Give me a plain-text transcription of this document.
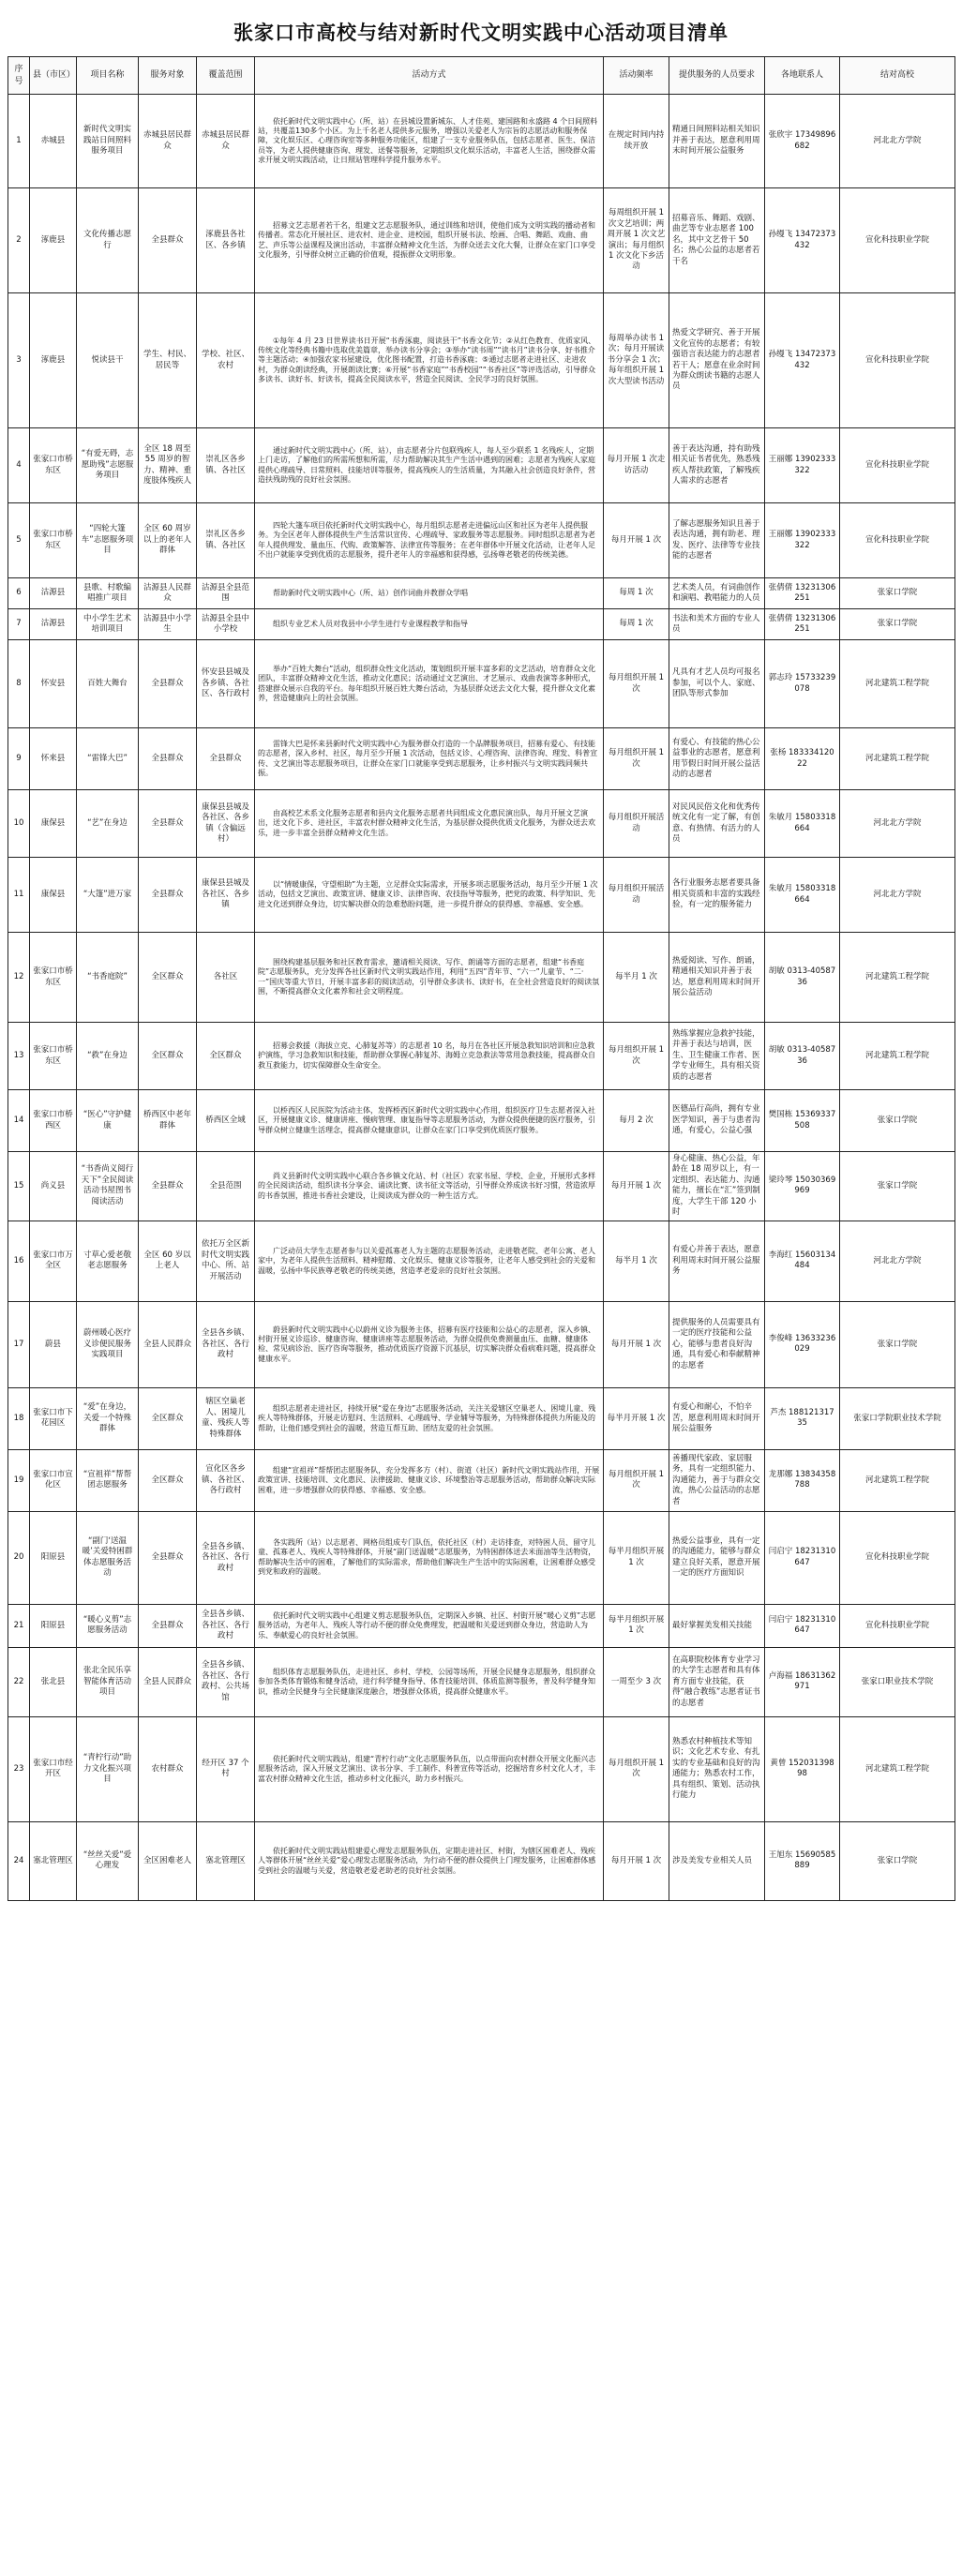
张家口市高校与结对新时代文明实践中心活动项目清单
序号	县（市区）	项目名称	服务对象	覆盖范围	活动方式	活动频率	提供服务的人员要求	各地联系人	结对高校
1	赤城县	新时代文明实践站日间照料服务项目	赤城县居民群众	赤城县居民群众	依托新时代文明实践中心（所、站）在县城设置新城东、人才佳苑、建国路和永盛路 4 个日间照料站，共覆盖130多个小区。为上千名老人提供多元服务，增强以关爱老人为宗旨的志愿活动和服务保障，文化娱乐区、心理咨询室等多种服务功能区，组建了一支专业服务队伍，包括志愿者、医生、保洁员等，为老人提供健康咨询、理发、送餐等服务，定期组织文化娱乐活动，丰富老人生活，围绕群众需求开展文明实践活动，让日照站管理科学提升服务水平。	在规定时间内持续开放	精通日间照料站相关知识并善于表达，愿意利用周末时间开展公益服务	张欣宇 17349896682	河北北方学院
2	涿鹿县	文化传播志愿行	全县群众	涿鹿县各社区、各乡镇	招募文艺志愿者若干名，组建文艺志愿服务队，通过训练和培训，使他们成为文明实践的播动者和传播者。常态化开展社区、进农村、进企业、进校园，组织开展书法、绘画、合唱、舞蹈、戏曲、曲艺、声乐等公益课程及演出活动，丰富群众精神文化生活，为群众送去文化大餐，让群众在家门口享受文化服务，引导群众树立正确的价值观，提振群众文明形象。	每周组织开展 1 次文艺培训；两周开展 1 次文艺演出；每月组织 1 次文化下乡活动	招募音乐、舞蹈、戏剧、曲艺等专业志愿者 100 名，其中文艺骨干 50 名；热心公益的志愿者若干名	孙缦飞 13472373432	宣化科技职业学院
3	涿鹿县	悦读县干	学生、村民、居民等	学校、社区、农村	①每年 4 月 23 日世界读书日开展“书香涿鹿，阅读县干”书香文化节；②从红色教育、优质家风、传统文化等经典书籍中选取优美篇章，举办读书分享会；③举办“读书周”“读书月”读书分享、好书推介等主题活动；④加强农家书屋建设，优化图书配置，打造书香涿鹿；⑤通过志愿者走进社区、走进农村，为群众朗读经典，开展朗读比赛；⑥开展“书香家庭”“书香校园”“书香社区”等评选活动，引导群众多读书、读好书、好读书，提高全民阅读水平，营造全民阅读、全民学习的良好氛围。	每周举办读书 1 次；每月开展读书分享会 1 次；每年组织开展 1 次大型读书活动	热爱文学研究、善于开展文化宣传的志愿者；有较强语言表达能力的志愿者若干人；愿意在业余时间为群众朗读书籍的志愿人员	孙缦飞 13472373432	宣化科技职业学院
4	张家口市桥东区	“有爱无碍，志愿助残”志愿服务项目	全区 18 周至 55 周岁的智力、精神、重度肢体残疾人	崇礼区各乡镇、各社区	通过新时代文明实践中心（所、站），由志愿者分片包联残疾人，每人至少联系 1 名残疾人，定期上门走访，了解他们的所需所想和所需，尽力帮助解决其生产生活中遇到的困难；志愿者为残疾人家庭提供心理疏导、日常照料、技能培训等服务，提高残疾人的生活质量，为其融入社会创造良好条件，营造扶残助残的良好社会氛围。	每月开展 1 次走访活动	善于表达沟通，持有助残相关证书者优先，熟悉残疾人帮扶政策，了解残疾人需求的志愿者	王丽娜 13902333322	宣化科技职业学院
5	张家口市桥东区	“四轮大篷车”志愿服务项目	全区 60 周岁以上的老年人群体	崇礼区各乡镇、各社区	四轮大篷车项目依托新时代文明实践中心，每月组织志愿者走进偏远山区和社区为老年人提供服务。为全区老年人群体提供生产生活常识宣传、心理疏导、家政服务等志愿服务。同时组织志愿者为老年人提供理发、量血压、代购、政策解答、法律宣传等服务；在老年群体中开展文化活动，让老年人足不出户就能享受到优质的志愿服务，提升老年人的幸福感和获得感，弘扬尊老敬老的传统美德。	每月开展 1 次	了解志愿服务知识且善于表达沟通，拥有助老、理发、医疗、法律等专业技能的志愿者	王丽娜 13902333322	宣化科技职业学院
6	沽源县	县歌、村歌编唱推广项目	沽源县人民群众	沽源县全县范围	帮助新时代文明实践中心（所、站）创作词曲并教群众学唱	每周 1 次	艺术类人员，有词曲创作和演唱、教唱能力的人员	张倩倩 13231306251	张家口学院
7	沽源县	中小学生艺术培训项目	沽源县中小学生	沽源县全县中小学校	组织专业艺术人员对我县中小学生进行专业课程教学和指导	每周 1 次	书法和美术方面的专业人员	张倩倩 13231306251	张家口学院
8	怀安县	百姓大舞台	全县群众	怀安县县城及各乡镇、各社区、各行政村	举办“百姓大舞台”活动，组织群众性文化活动，策划组织开展丰富多彩的文艺活动，培育群众文化团队，丰富群众精神文化生活，推动文化惠民；活动通过文艺演出、才艺展示、戏曲表演等多种形式，搭建群众展示自我的平台。每年组织开展百姓大舞台活动，为基层群众送去文化大餐，提升群众文化素养，营造健康向上的社会氛围。	每月组织开展 1 次	凡具有才艺人员均可报名参加，可以个人、家庭、团队等形式参加	郭志玲 15733239078	河北建筑工程学院
9	怀来县	“雷锋大巴”	全县群众	全县群众	雷锋大巴是怀来县新时代文明实践中心为服务群众打造的一个品牌服务项目，招募有爱心、有技能的志愿者，深入乡村、社区，每月至少开展 1 次活动，包括义诊、心理咨询、法律咨询、理发、科普宣传、文艺演出等志愿服务项目，让群众在家门口就能享受到志愿服务，让乡村振兴与文明实践同频共振。	每月组织开展 1 次	有爱心、有技能的热心公益事业的志愿者，愿意利用节假日时间开展公益活动的志愿者	张杨 18333412022	河北建筑工程学院
10	康保县	“艺”在身边	全县群众	康保县县城及各社区、各乡镇（含偏远村）	由高校艺术系文化服务志愿者和县内文化服务志愿者共同组成文化惠民演出队，每月开展文艺演出，送文化下乡、进社区，丰富农村群众精神文化生活，为基层群众提供优质文化服务，为群众送去欢乐，进一步丰富全县群众精神文化生活。	每月组织开展活动	对民风民俗文化和优秀传统文化有一定了解，有创意、有热情、有活力的人员	朱敏月 15803318664	河北北方学院
11	康保县	“大篷”进万家	全县群众	康保县县城及各社区、各乡镇	以“情暖康保，守望相助”为主题，立足群众实际需求，开展多项志愿服务活动，每月至少开展 1 次活动，包括文艺演出、政策宣讲、健康义诊、法律咨询、农技指导等服务，把党的政策、科学知识、先进文化送到群众身边，切实解决群众的急难愁盼问题，进一步提升群众的获得感、幸福感、安全感。	每月组织开展活动	各行业服务志愿者要具备相关资质和丰富的实践经验，有一定的服务能力	朱敏月 15803318664	河北北方学院
12	张家口市桥东区	“书香庭院”	全区群众	各社区	围绕构建基层服务和社区教育需求，邀请相关阅读、写作、朗诵等方面的志愿者，组建“书香庭院”志愿服务队，充分发挥各社区新时代文明实践站作用，利用“五四”青年节、“六一”儿童节、“二·一”国庆等重大节日，开展丰富多彩的阅读活动，引导群众多读书、读好书，在全社会营造良好的阅读氛围，不断提高群众文化素养和社会文明程度。	每半月 1 次	热爱阅读、写作、朗诵，精通相关知识并善于表达，愿意利用周末时间开展公益活动	胡敏 0313-4058736	河北建筑工程学院
13	张家口市桥东区	“救”在身边	全区群众	全区群众	招募会救援（海拔立克、心肺复苏等）的志愿者 10 名，每月在各社区开展急救知识培训和应急救护演练，学习急救知识和技能，帮助群众掌握心肺复苏、海姆立克急救法等常用急救技能，提高群众自救互救能力，切实保障群众生命安全。	每月组织开展 1 次	熟练掌握应急救护技能，并善于表达与培训，医生、卫生健康工作者、医学专业师生，具有相关资质的志愿者	胡敏 0313-4058736	河北建筑工程学院
14	张家口市桥西区	“医心”守护健康	桥西区中老年群体	桥西区全域	以桥西区人民医院为活动主体，发挥桥西区新时代文明实践中心作用，组织医疗卫生志愿者深入社区，开展健康义诊、健康讲座、慢病管理、康复指导等志愿服务活动，为群众提供便捷的医疗服务，引导群众树立健康生活理念，提高群众健康意识，让群众在家门口享受到优质医疗服务。	每月 2 次	医德品行高尚，拥有专业医学知识，善于与患者沟通，有爱心，公益心强	樊国栋 15369337508	张家口学院
15	尚义县	“书香尚义阅行天下”全民阅读活动书屋图书阅读活动	全县群众	全县范围	尚义县新时代文明实践中心联合各乡镇文化站、村（社区）农家书屋、学校、企业，开展形式多样的全民阅读活动，组织读书分享会、诵读比赛、读书征文等活动，引导群众养成读书好习惯，营造浓厚的书香氛围，推进书香社会建设，让阅读成为群众的一种生活方式。	每月开展 1 次	身心健康、热心公益，年龄在 18 周岁以上，有一定组织、表达能力、沟通能力，擅长在“汇”签到制度，大学生干部 120 小时	梁玲琴 15030369969	张家口学院
16	张家口市万全区	寸草心爱老敬老志愿服务	全区 60 岁以上老人	依托万全区新时代文明实践中心、所、站开展活动	广泛动员大学生志愿者参与以关爱孤寡老人为主题的志愿服务活动，走进敬老院、老年公寓、老人家中，为老年人提供生活照料、精神慰藉、文化娱乐、健康义诊等服务，让老年人感受到社会的关爱和温暖，弘扬中华民族尊老敬老的传统美德，营造孝老爱亲的良好社会氛围。	每半月 1 次	有爱心并善于表达，愿意利用周末时间开展公益服务	李海红 15603134484	河北北方学院
17	蔚县	蔚州暖心医疗义诊便民服务实践项目	全县人民群众	全县各乡镇、各社区、各行政村	蔚县新时代文明实践中心以蔚州义诊为服务主体，招募有医疗技能和公益心的志愿者，深入乡镇、村街开展义诊巡诊、健康咨询、健康讲座等志愿服务活动，为群众提供免费测量血压、血糖、健康体检、常见病诊治、医疗咨询等服务，推动优质医疗资源下沉基层，切实解决群众看病难问题，提高群众健康水平。	每月开展 1 次	提供服务的人员需要具有一定的医疗技能和公益心，能够与患者良好沟通，具有爱心和奉献精神的志愿者	李俊峰 13633236029	张家口学院
18	张家口市下花园区	“爱”在身边，关爱一个特殊群体	全区群众	辖区空巢老人、困境儿童、残疾人等特殊群体	组织志愿者走进社区，持续开展“爱在身边”志愿服务活动，关注关爱辖区空巢老人、困境儿童、残疾人等特殊群体，开展走访慰问、生活照料、心理疏导、学业辅导等服务，为特殊群体提供力所能及的帮助，让他们感受到社会的温暖，营造互帮互助、团结友爱的社会氛围。	每半月开展 1 次	有爱心和耐心，不怕辛苦，愿意利用周末时间开展公益服务	芦杰 18812131735	张家口学院职业技术学院
19	张家口市宣化区	“宣祖祥”帮帮团志愿服务	全区群众	宣化区各乡镇、各社区、各行政村	组建“宣祖祥”帮帮团志愿服务队，充分发挥多方（村）、街道（社区）新时代文明实践站作用，开展政策宣讲、技能培训、文化惠民、法律援助、健康义诊、环境整治等志愿服务活动，帮助群众解决实际困难，进一步增强群众的获得感、幸福感、安全感。	每月组织开展 1 次	善播现代家政、家居服务，具有一定组织能力、沟通能力，善于与群众交流，热心公益活动的志愿者	龙那娜 13834358788	河北建筑工程学院
20	阳原县	“副门‘送温暖’关爱特困群体志愿服务活动	全县群众	全县各乡镇、各社区、各行政村	各实践所（站）以志愿者、网格员组成专门队伍，依托社区（村）走访排查，对特困人员、留守儿童、孤寡老人、残疾人等特殊群体，开展“副门送温暖”志愿服务，为特困群体送去米面油等生活物资，帮助解决生活中的困难，了解他们的实际需求，帮助他们解决生产生活中的实际困难，让困难群众感受到党和政府的温暖。	每半月组织开展 1 次	热爱公益事业，具有一定的沟通能力，能够与群众建立良好关系，愿意开展一定的医疗方面知识	闫启宁 18231310647	宣化科技职业学院
21	阳原县	“暖心义剪”志愿服务活动	全县群众	全县各乡镇、各社区、各行政村	依托新时代文明实践中心组建义剪志愿服务队伍，定期深入乡镇、社区、村街开展“暖心义剪”志愿服务活动，为老年人、残疾人等行动不便的群众免费理发，把温暖和关爱送到群众身边，营造助人为乐、奉献爱心的良好社会氛围。	每半月组织开展 1 次	最好掌握美发相关技能	闫启宁 18231310647	宣化科技职业学院
22	张北县	张北全民乐享智能体育活动项目	全县人民群众	全县各乡镇、各社区、各行政村、公共场馆	组织体育志愿服务队伍，走进社区、乡村、学校、公园等场所，开展全民健身志愿服务，组织群众参加各类体育锻炼和健身活动，进行科学健身指导、体育技能培训、体质监测等服务，普及科学健身知识，推动全民健身与全民健康深度融合，增强群众体质，提高群众健康水平。	一周至少 3 次	在高职院校体育专业学习的大学生志愿者和具有体育方面专业技能，获得“融合教练”志愿者证书的志愿者	卢海福 18631362971	张家口职业技术学院
23	张家口市经开区	“青柠行动”助力文化振兴项目	农村群众	经开区 37 个村	依托新时代文明实践站，组建“青柠行动”文化志愿服务队伍，以点带面向农村群众开展文化振兴志愿服务活动，深入开展文艺演出、读书分享、手工制作、科普宣传等活动，挖掘培育乡村文化人才，丰富农村群众精神文化生活，推动乡村文化振兴，助力乡村振兴。	每月组织开展 1 次	熟悉农村种植技术等知识；文化艺术专业、有扎实的专业基础和良好的沟通能力；熟悉农村工作，具有组织、策划、活动执行能力	黄曾 15203139898	河北建筑工程学院
24	塞北管理区	“丝丝关爱”爱心理发	全区困难老人	塞北管理区	依托新时代文明实践站组建爱心理发志愿服务队伍，定期走进社区、村街，为辖区困难老人、残疾人等群体开展“丝丝关爱”爱心理发志愿服务活动，为行动不便的群众提供上门理发服务，让困难群体感受到社会的温暖与关爱，营造敬老爱老助老的良好社会氛围。	每月开展 1 次	涉及美发专业相关人员	王旭东 15690585889	张家口学院
